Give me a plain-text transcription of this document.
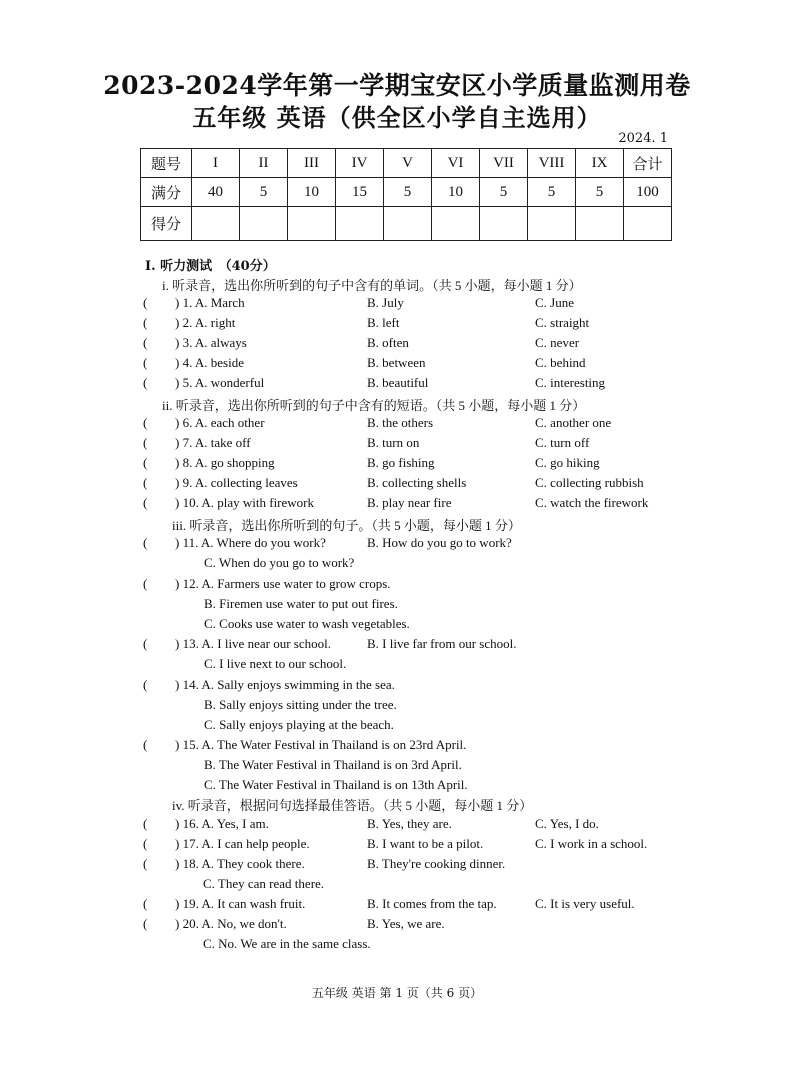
2023-2024学年第一学期宝安区小学质量监测用卷
五年级 英语（供全区小学自主选用）
2024. 1
题号	I	II	III	IV	V	VI	VII	VIII	IX	合计
满分	40	5	10	15	5	10	5	5	5	100
得分										
I. 听力测试　（40分）
i. 听录音，选出你所听到的句子中含有的单词。（共 5 小题，每小题 1 分）
ii. 听录音，选出你所听到的句子中含有的短语。（共 5 小题，每小题 1 分）
iii. 听录音，选出你所听到的句子。（共 5 小题，每小题 1 分）
iv. 听录音，根据问句选择最佳答语。（共 5 小题，每小题 1 分）
( ) 1. A. March	B. July	C. June
( ) 2. A. right	B. left	C. straight
( ) 3. A. always	B. often	C. never
( ) 4. A. beside	B. between	C. behind
( ) 5. A. wonderful	B. beautiful	C. interesting
( ) 6. A. each other	B. the others	C. another one
( ) 7. A. take off	B. turn on	C. turn off
( ) 8. A. go shopping	B. go fishing	C. go hiking
( ) 9. A. collecting leaves	B. collecting shells	C. collecting rubbish
( ) 10. A. play with firework	B. play near fire	C. watch the firework
( ) 11. A. Where do you work?	B. How do you go to work?
C. When do you go to work?
( ) 12. A. Farmers use water to grow crops.
B. Firemen use water to put out fires.
C. Cooks use water to wash vegetables.
( ) 13. A. I live near our school.	B. I live far from our school.
C. I live next to our school.
( ) 14. A. Sally enjoys swimming in the sea.
B. Sally enjoys sitting under the tree.
C. Sally enjoys playing at the beach.
( ) 15. A. The Water Festival in Thailand is on 23rd April.
B. The Water Festival in Thailand is on 3rd April.
C. The Water Festival in Thailand is on 13th April.
( ) 16. A. Yes, I am.	B. Yes, they are.	C. Yes, I do.
( ) 17. A. I can help people.	B. I want to be a pilot.	C. I work in a school.
( ) 18. A. They cook there.	B. They're cooking dinner.
C. They can read there.
( ) 19. A. It can wash fruit.	B. It comes from the tap.	C. It is very useful.
( ) 20. A. No, we don't.	B. Yes, we are.
C. No. We are in the same class.
五年级 英语 第 1 页（共 6 页）
